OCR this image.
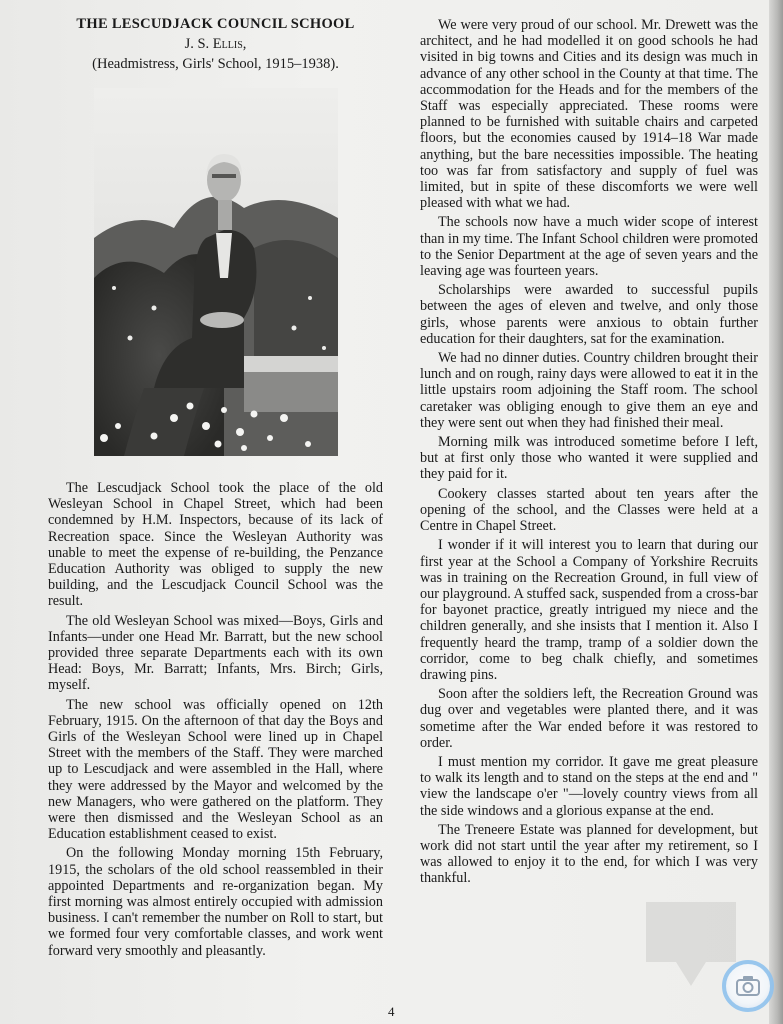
THE LESCUDJACK COUNCIL SCHOOL
J. S. Ellis,
(Headmistress, Girls' School, 1915–1938).

The Lescudjack School took the place of the old Wesleyan School in Chapel Street, which had been condemned by H.M. Inspectors, because of its lack of Recreation space. Since the Wesleyan Authority was unable to meet the expense of re-building, the Penzance Education Authority was obliged to supply the new building, and the Lescudjack Council School was the result.

The old Wesleyan School was mixed—Boys, Girls and Infants—under one Head Mr. Barratt, but the new school provided three separate Departments each with its own Head: Boys, Mr. Barratt; Infants, Mrs. Birch; Girls, myself.

The new school was officially opened on 12th February, 1915. On the afternoon of that day the Boys and Girls of the Wesleyan School were lined up in Chapel Street with the members of the Staff. They were marched up to Lescudjack and were assembled in the Hall, where they were addressed by the Mayor and welcomed by the new Managers, who were gathered on the platform. They were then dismissed and the Wesleyan School as an Education establishment ceased to exist.

On the following Monday morning 15th February, 1915, the scholars of the old school reassembled in their appointed Departments and re-organization began. My first morning was almost entirely occupied with admission business. I can't remember the number on Roll to start, but we formed four very comfortable classes, and work went forward very smoothly and pleasantly.

We were very proud of our school. Mr. Drewett was the architect, and he had modelled it on good schools he had visited in big towns and Cities and its design was much in advance of any other school in the County at that time. The accommodation for the Heads and for the members of the Staff was especially appreciated. These rooms were planned to be furnished with suitable chairs and carpeted floors, but the economies caused by 1914–18 War made anything, but the bare necessities impossible. The heating too was far from satisfactory and supply of fuel was limited, but in spite of these discomforts we were well pleased with what we had.

The schools now have a much wider scope of interest than in my time. The Infant School children were promoted to the Senior Department at the age of seven years and the leaving age was fourteen years.

Scholarships were awarded to successful pupils between the ages of eleven and twelve, and only those girls, whose parents were anxious to obtain further education for their daughters, sat for the examination.

We had no dinner duties. Country children brought their lunch and on rough, rainy days were allowed to eat it in the little upstairs room adjoining the Staff room. The school caretaker was obliging enough to give them an eye and they were sent out when they had finished their meal.

Morning milk was introduced sometime before I left, but at first only those who wanted it were supplied and they paid for it.

Cookery classes started about ten years after the opening of the school, and the Classes were held at a Centre in Chapel Street.

I wonder if it will interest you to learn that during our first year at the School a Company of Yorkshire Recruits was in training on the Recreation Ground, in full view of our playground. A stuffed sack, suspended from a cross-bar for bayonet practice, greatly intrigued my niece and the children generally, and she insists that I mention it. Also I frequently heard the tramp, tramp of a soldier down the corridor, come to beg chalk chiefly, and sometimes drawing pins.

Soon after the soldiers left, the Recreation Ground was dug over and vegetables were planted there, and it was sometime after the War ended before it was restored to order.

I must mention my corridor. It gave me great pleasure to walk its length and to stand on the steps at the end and " view the landscape o'er "—lovely country views from all the side windows and a glorious expanse at the end.

The Treneere Estate was planned for development, but work did not start until the year after my retirement, so I was allowed to enjoy it to the end, for which I was very thankful.

4
